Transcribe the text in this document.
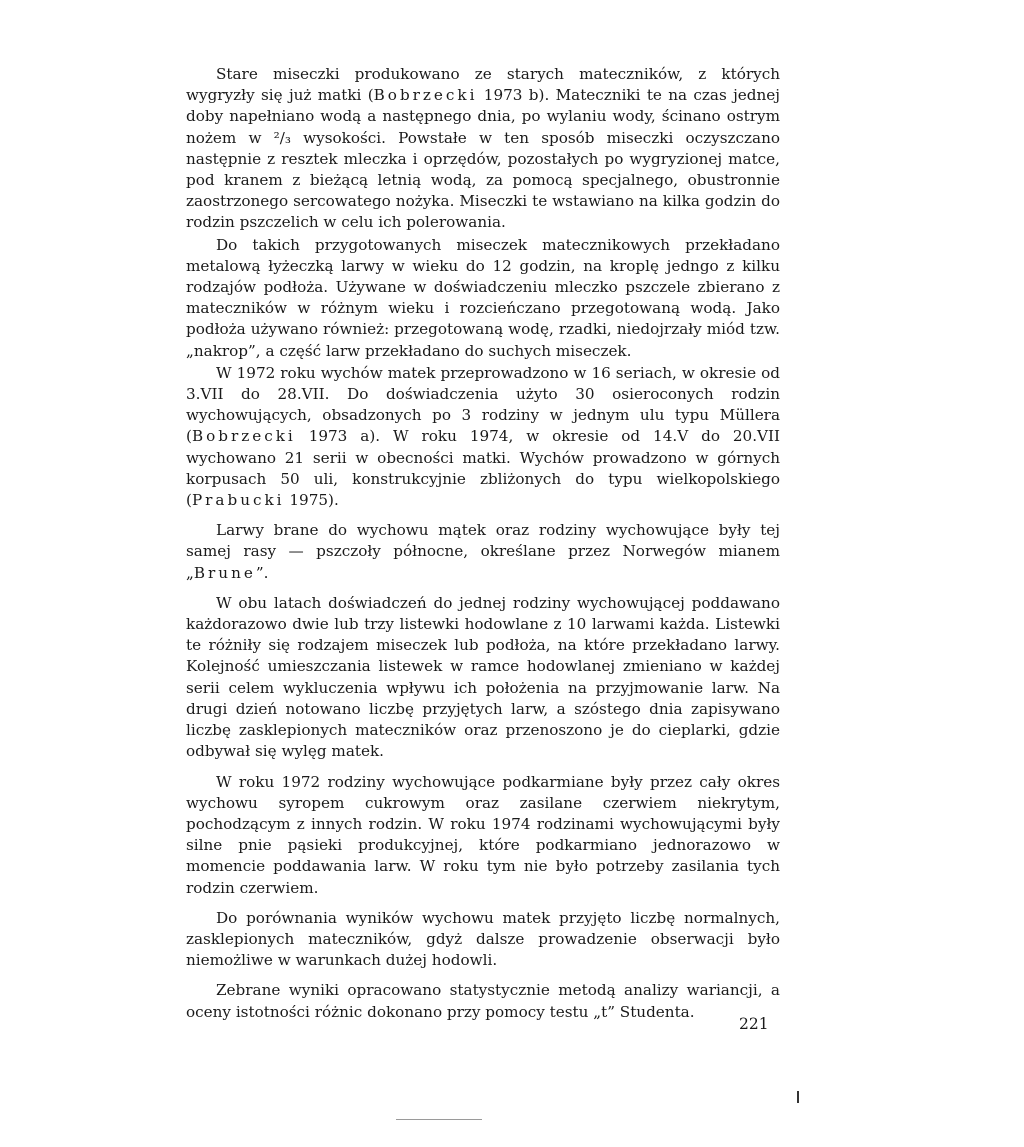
Stare miseczki produkowano ze starych mateczników, z których wygryzły się już matki (Bobrzecki 1973 b). Mateczniki te na czas jednej doby napełniano wodą a następnego dnia, po wylaniu wody, ścinano ostrym nożem w ²/₃ wysokości. Powstałe w ten sposób miseczki oczyszczano następnie z resztek mleczka i oprzędów, pozostałych po wygryzionej matce, pod kranem z bieżącą letnią wodą, za pomocą specjalnego, obustronnie zaostrzonego sercowatego nożyka. Miseczki te wstawiano na kilka godzin do rodzin pszczelich w celu ich polerowania.

Do takich przygotowanych miseczek matecznikowych przekładano metalową łyżeczką larwy w wieku do 12 godzin, na kroplę jedngo z kilku rodzajów podłoża. Używane w doświadczeniu mleczko pszczele zbierano z mateczników w różnym wieku i rozcieńczano przegotowaną wodą. Jako podłoża używano również: przegotowaną wodę, rzadki, niedojrzały miód tzw. „nakrop”, a część larw przekładano do suchych miseczek.

W 1972 roku wychów matek przeprowadzono w 16 seriach, w okresie od 3.VII do 28.VII. Do doświadczenia użyto 30 osieroconych rodzin wychowujących, obsadzonych po 3 rodziny w jednym ulu typu Müllera (Bobrzecki 1973 a). W roku 1974, w okresie od 14.V do 20.VII wychowano 21 serii w obecności matki. Wychów prowadzono w górnych korpusach 50 uli, konstrukcyjnie zbliżonych do typu wielkopolskiego (Prabucki 1975).

Larwy brane do wychowu mątek oraz rodziny wychowujące były tej samej rasy — pszczoły północne, określane przez Norwegów mianem „Brune”.

W obu latach doświadczeń do jednej rodziny wychowującej poddawano każdorazowo dwie lub trzy listewki hodowlane z 10 larwami każda. Listewki te różniły się rodzajem miseczek lub podłoża, na które przekładano larwy. Kolejność umieszczania listewek w ramce hodowlanej zmieniano w każdej serii celem wykluczenia wpływu ich położenia na przyjmowanie larw. Na drugi dzień notowano liczbę przyjętych larw, a szóstego dnia zapisywano liczbę zasklepionych mateczników oraz przenoszono je do cieplarki, gdzie odbywał się wylęg matek.

W roku 1972 rodziny wychowujące podkarmiane były przez cały okres wychowu syropem cukrowym oraz zasilane czerwiem niekrytym, pochodzącym z innych rodzin. W roku 1974 rodzinami wychowującymi były silne pnie pąsieki produkcyjnej, które podkarmiano jednorazowo w momencie poddawania larw. W roku tym nie było potrzeby zasilania tych rodzin czerwiem.

Do porównania wyników wychowu matek przyjęto liczbę normalnych, zasklepionych mateczników, gdyż dalsze prowadzenie obserwacji było niemożliwe w warunkach dużej hodowli.

Zebrane wyniki opracowano statystycznie metodą analizy wariancji, a oceny istotności różnic dokonano przy pomocy testu „t” Studenta.

221
